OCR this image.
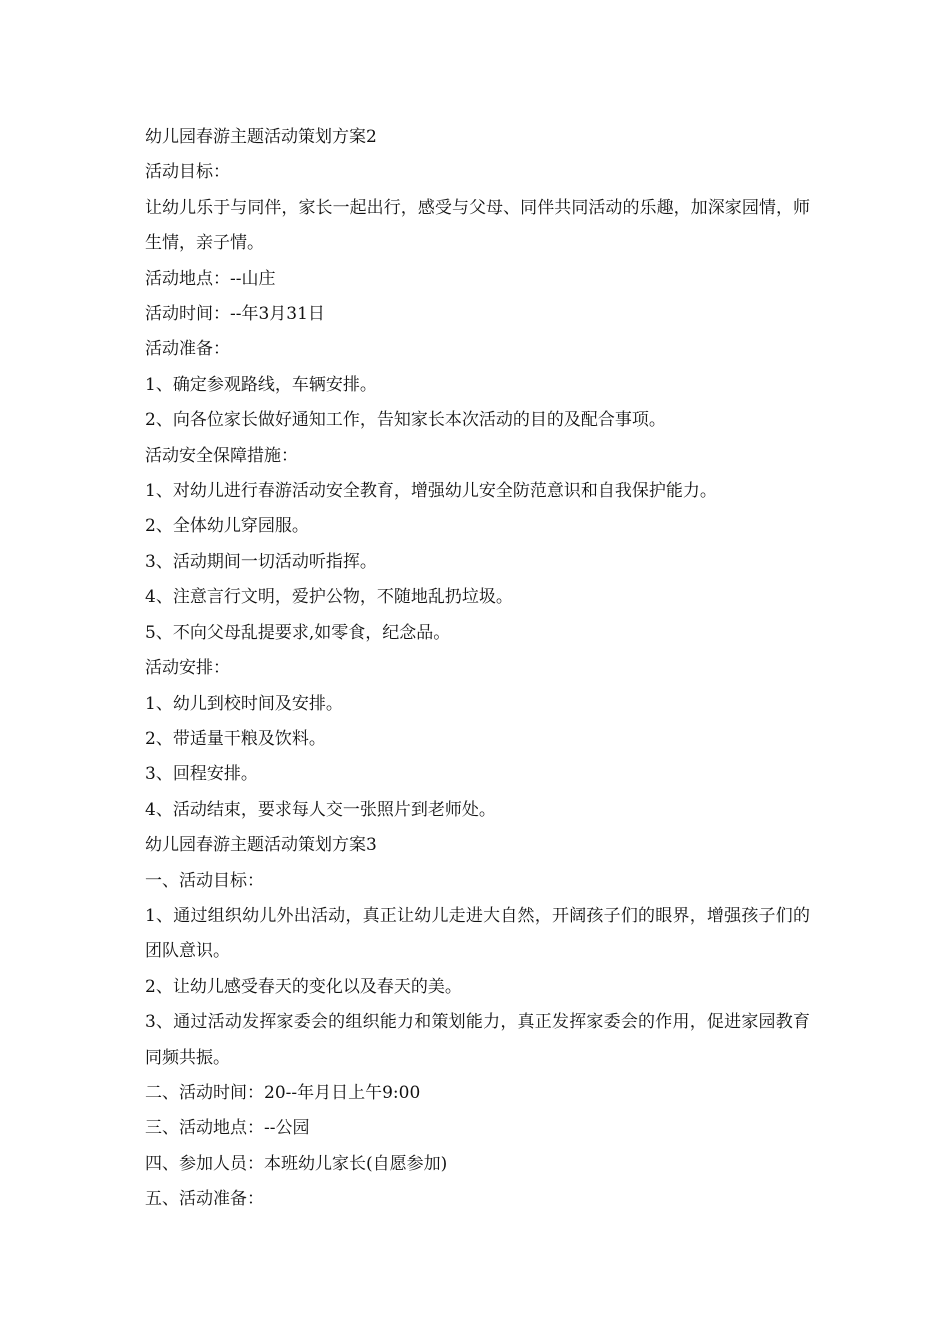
幼儿园春游主题活动策划方案2

活动目标：

让幼儿乐于与同伴，家长一起出行，感受与父母、同伴共同活动的乐趣，加深家园情，师生情，亲子情。

活动地点：--山庄

活动时间：--年3月31日

活动准备：

1、确定参观路线，车辆安排。

2、向各位家长做好通知工作，告知家长本次活动的目的及配合事项。

活动安全保障措施：

1、对幼儿进行春游活动安全教育，增强幼儿安全防范意识和自我保护能力。

2、全体幼儿穿园服。

3、活动期间一切活动听指挥。

4、注意言行文明，爱护公物，不随地乱扔垃圾。

5、不向父母乱提要求,如零食，纪念品。

活动安排：

1、幼儿到校时间及安排。

2、带适量干粮及饮料。

3、回程安排。

4、活动结束，要求每人交一张照片到老师处。

幼儿园春游主题活动策划方案3

一、活动目标：

1、通过组织幼儿外出活动，真正让幼儿走进大自然，开阔孩子们的眼界，增强孩子们的团队意识。

2、让幼儿感受春天的变化以及春天的美。

3、通过活动发挥家委会的组织能力和策划能力，真正发挥家委会的作用，促进家园教育同频共振。

二、活动时间：20--年月日上午9:00

三、活动地点：--公园

四、参加人员：本班幼儿家长(自愿参加)

五、活动准备：
